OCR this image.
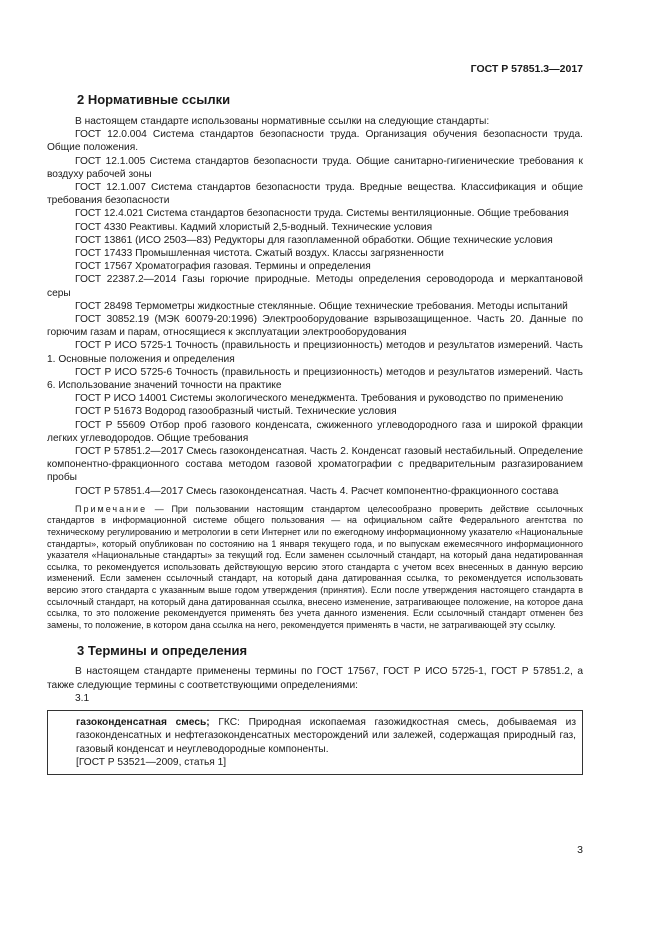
ГОСТ Р 57851.3—2017
2 Нормативные ссылки

В настоящем стандарте использованы нормативные ссылки на следующие стандарты:

ГОСТ 12.0.004 Система стандартов безопасности труда. Организация обучения безопасности труда. Общие положения.

ГОСТ 12.1.005 Система стандартов безопасности труда. Общие санитарно-гигиенические требования к воздуху рабочей зоны

ГОСТ 12.1.007 Система стандартов безопасности труда. Вредные вещества. Классификация и общие требования безопасности

ГОСТ 12.4.021 Система стандартов безопасности труда. Системы вентиляционные. Общие требования

ГОСТ 4330 Реактивы. Кадмий хлористый 2,5-водный. Технические условия

ГОСТ 13861 (ИСО 2503—83) Редукторы для газопламенной обработки. Общие технические условия

ГОСТ 17433 Промышленная чистота. Сжатый воздух. Классы загрязненности

ГОСТ 17567 Хроматография газовая. Термины и определения

ГОСТ 22387.2—2014 Газы горючие природные. Методы определения сероводорода и меркаптановой серы

ГОСТ 28498 Термометры жидкостные стеклянные. Общие технические требования. Методы испытаний

ГОСТ 30852.19 (МЭК 60079-20:1996) Электрооборудование взрывозащищенное. Часть 20. Данные по горючим газам и парам, относящиеся к эксплуатации электрооборудования

ГОСТ Р ИСО 5725-1 Точность (правильность и прецизионность) методов и результатов измерений. Часть 1. Основные положения и определения

ГОСТ Р ИСО 5725-6 Точность (правильность и прецизионность) методов и результатов измерений. Часть 6. Использование значений точности на практике

ГОСТ Р ИСО 14001 Системы экологического менеджмента. Требования и руководство по применению

ГОСТ Р 51673 Водород газообразный чистый. Технические условия

ГОСТ Р 55609 Отбор проб газового конденсата, сжиженного углеводородного газа и широкой фракции легких углеводородов. Общие требования

ГОСТ Р 57851.2—2017 Смесь газоконденсатная. Часть 2. Конденсат газовый нестабильный. Определение компонентно-фракционного состава методом газовой хроматографии с предварительным разгазированием пробы

ГОСТ Р 57851.4—2017 Смесь газоконденсатная. Часть 4. Расчет компонентно-фракционного состава

Примечание — При пользовании настоящим стандартом целесообразно проверить действие ссылочных стандартов в информационной системе общего пользования — на официальном сайте Федерального агентства по техническому регулированию и метрологии в сети Интернет или по ежегодному информационному указателю «Национальные стандарты», который опубликован по состоянию на 1 января текущего года, и по выпускам ежемесячного информационного указателя «Национальные стандарты» за текущий год. Если заменен ссылочный стандарт, на который дана недатированная ссылка, то рекомендуется использовать действующую версию этого стандарта с учетом всех внесенных в данную версию изменений. Если заменен ссылочный стандарт, на который дана датированная ссылка, то рекомендуется использовать версию этого стандарта с указанным выше годом утверждения (принятия). Если после утверждения настоящего стандарта в ссылочный стандарт, на который дана датированная ссылка, внесено изменение, затрагивающее положение, на которое дана ссылка, то это положение рекомендуется применять без учета данного изменения. Если ссылочный стандарт отменен без замены, то положение, в котором дана ссылка на него, рекомендуется применять в части, не затрагивающей эту ссылку.

3 Термины и определения

В настоящем стандарте применены термины по ГОСТ 17567, ГОСТ Р ИСО 5725-1, ГОСТ Р 57851.2, а также следующие термины с соответствующими определениями:

3.1

газоконденсатная смесь; ГКС: Природная ископаемая газожидкостная смесь, добываемая из газоконденсатных и нефтегазоконденсатных месторождений или залежей, содержащая природный газ, газовый конденсат и неуглеводородные компоненты.

[ГОСТ Р 53521—2009, статья 1]

3
